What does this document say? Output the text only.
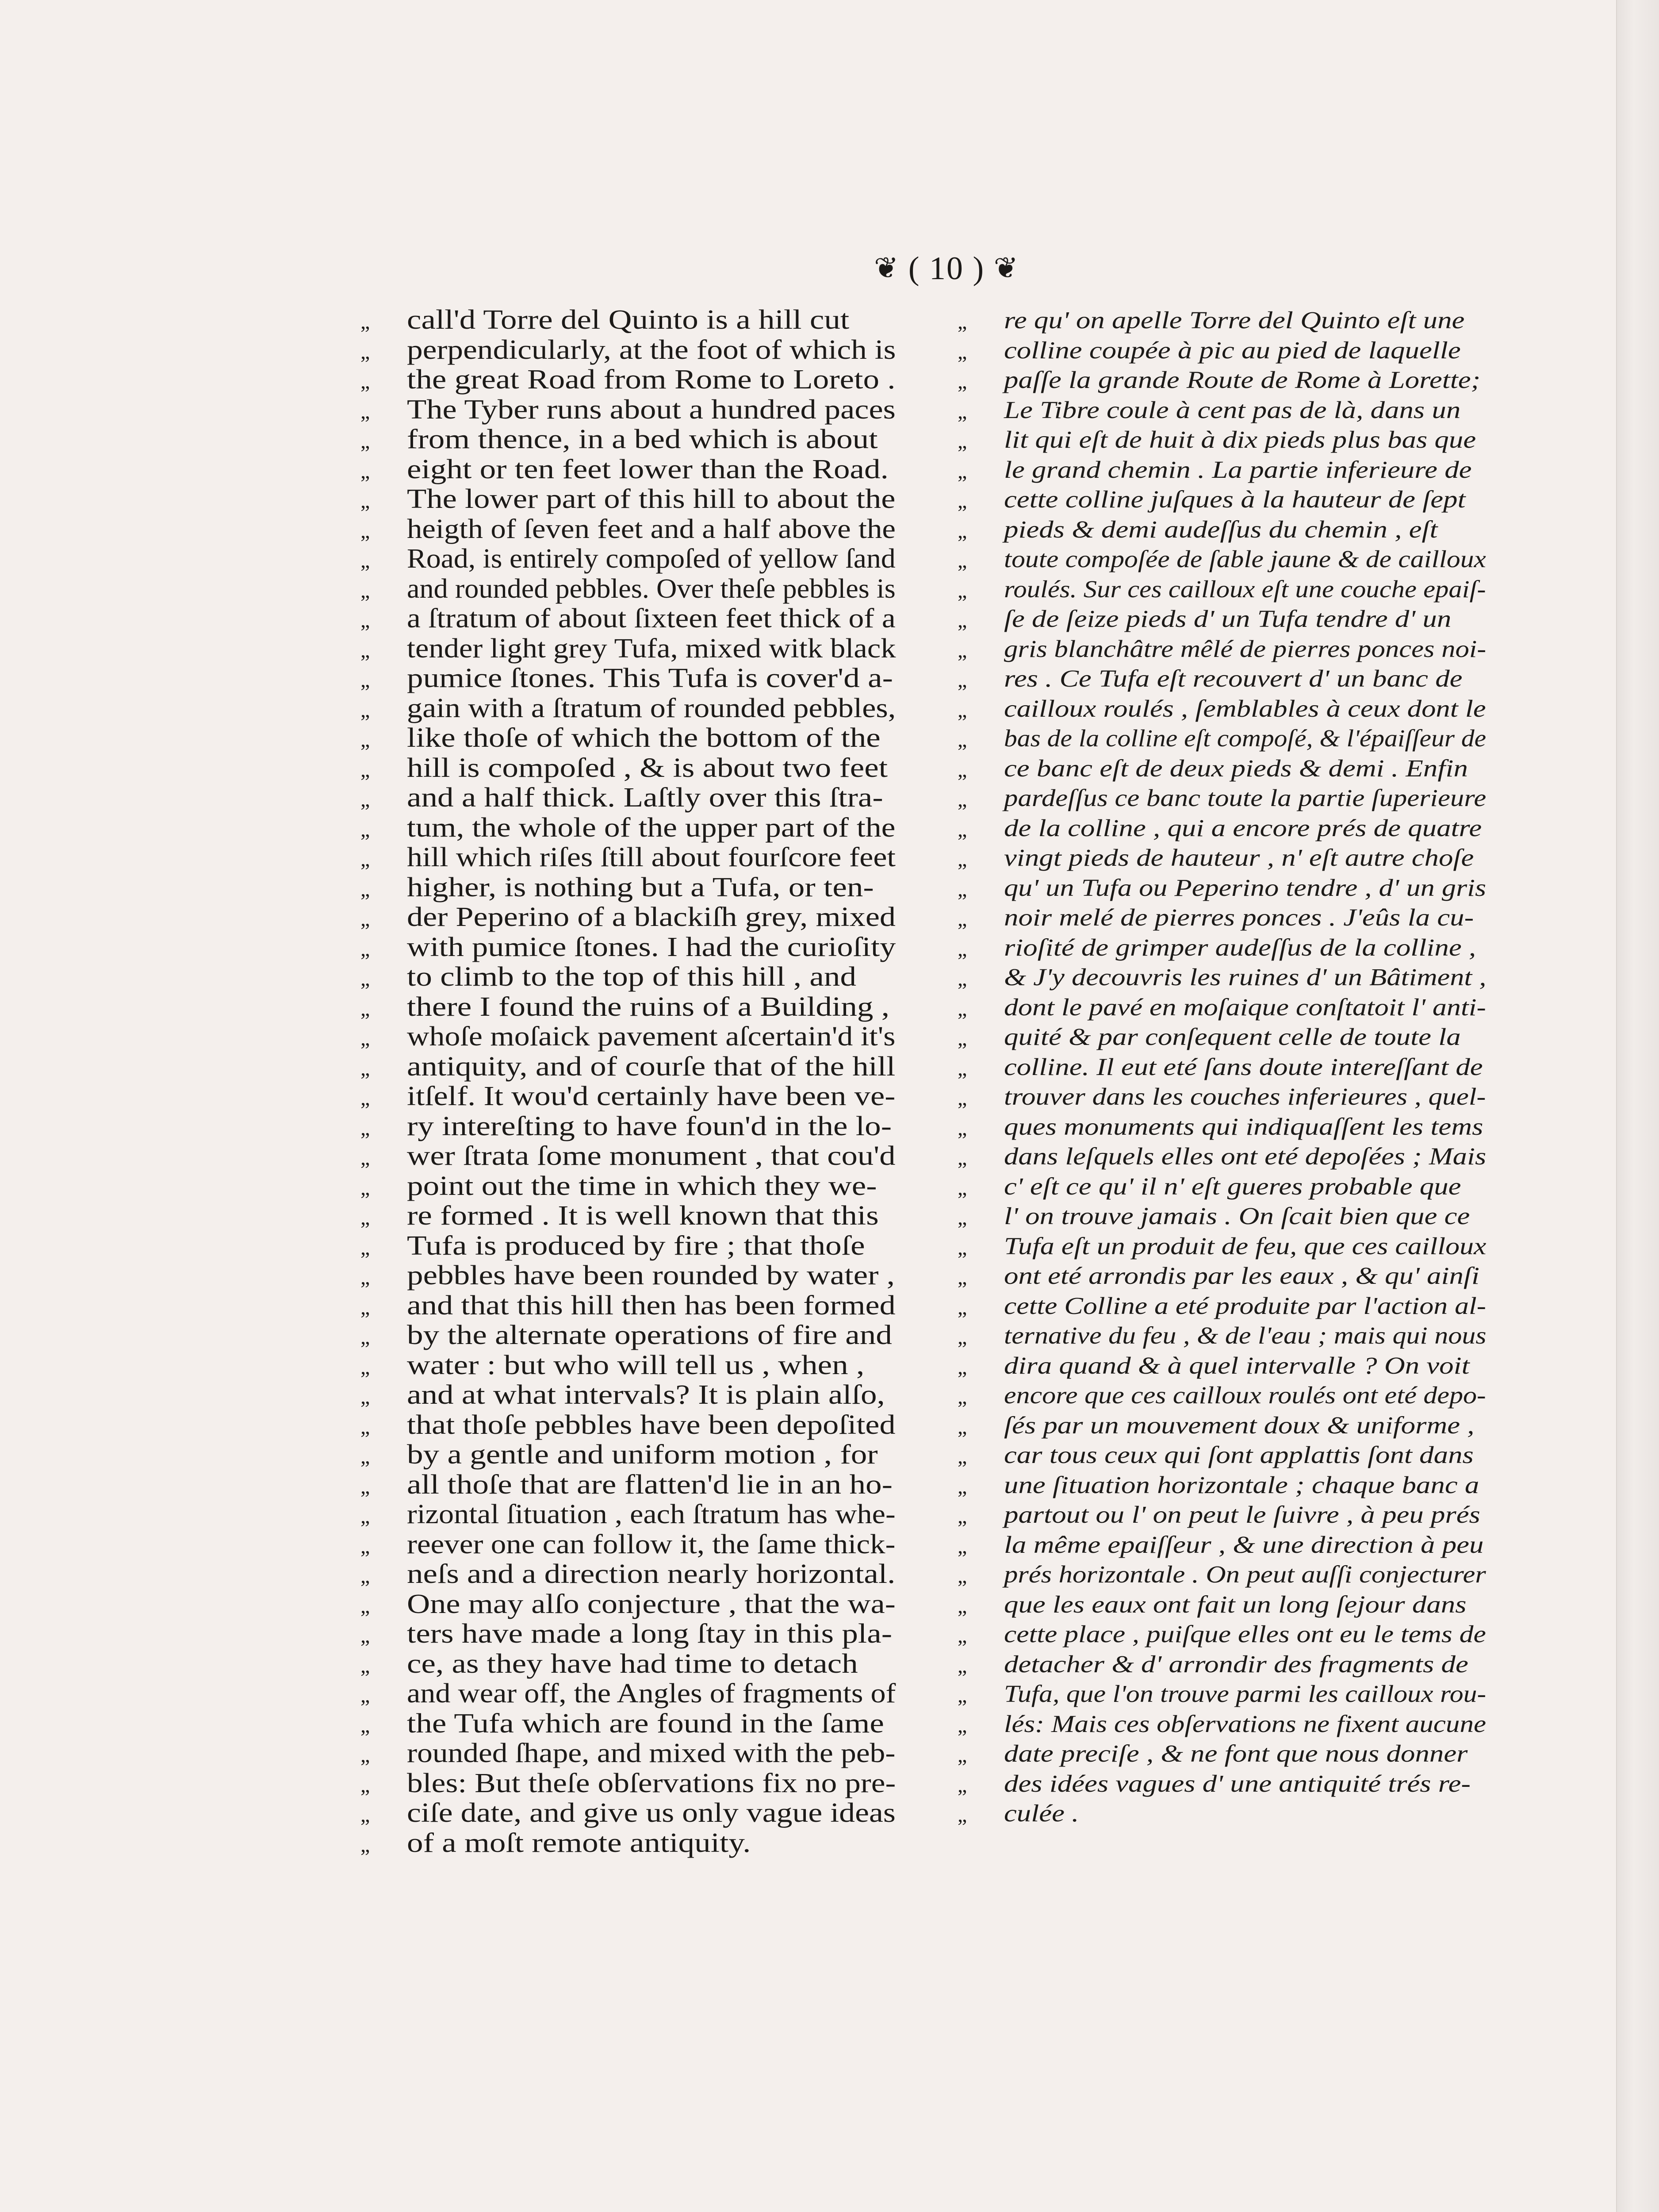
❦ ( 10 ) ❦
„ call'd Torre del Quinto is a hill cut
„ perpendicularly, at the foot of which is
„ the great Road from Rome to Loreto .
„ The Tyber runs about a hundred paces
„ from thence, in a bed which is about
„ eight or ten feet lower than the Road.
„ The lower part of this hill to about the
„ heigth of ſeven feet and a half above the
„ Road, is entirely compoſed of yellow ſand
„ and rounded pebbles. Over theſe pebbles is
„ a ſtratum of about ſixteen feet thick of a
„ tender light grey Tufa, mixed witk black
„ pumice ſtones. This Tufa is cover'd a-
„ gain with a ſtratum of rounded pebbles,
„ like thoſe of which the bottom of the
„ hill is compoſed , & is about two feet
„ and a half thick. Laſtly over this ſtra-
„ tum, the whole of the upper part of the
„ hill which riſes ſtill about fourſcore feet
„ higher, is nothing but a Tufa, or ten-
„ der Peperino of a blackiſh grey, mixed
„ with pumice ſtones. I had the curioſity
„ to climb to the top of this hill , and
„ there I found the ruins of a Building ,
„ whoſe moſaick pavement aſcertain'd it's
„ antiquity, and of courſe that of the hill
„ itſelf. It wou'd certainly have been ve-
„ ry intereſting to have foun'd in the lo-
„ wer ſtrata ſome monument , that cou'd
„ point out the time in which they we-
„ re formed . It is well known that this
„ Tufa is produced by fire ; that thoſe
„ pebbles have been rounded by water ,
„ and that this hill then has been formed
„ by the alternate operations of fire and
„ water : but who will tell us , when ,
„ and at what intervals? It is plain alſo,
„ that thoſe pebbles have been depoſited
„ by a gentle and uniform motion , for
„ all thoſe that are flatten'd lie in an ho-
„ rizontal ſituation , each ſtratum has whe-
„ reever one can follow it, the ſame thick-
„ neſs and a direction nearly horizontal.
„ One may alſo conjecture , that the wa-
„ ters have made a long ſtay in this pla-
„ ce, as they have had time to detach
„ and wear off, the Angles of fragments of
„ the Tufa which are found in the ſame
„ rounded ſhape, and mixed with the peb-
„ bles: But theſe obſervations fix no pre-
„ ciſe date, and give us only vague ideas
„ of a moſt remote antiquity.
„ re qu' on apelle Torre del Quinto eſt une
„ colline coupée à pic au pied de laquelle
„ paſſe la grande Route de Rome à Lorette;
„ Le Tibre coule à cent pas de là, dans un
„ lit qui eſt de huit à dix pieds plus bas que
„ le grand chemin . La partie inferieure de
„ cette colline juſques à la hauteur de ſept
„ pieds & demi audeſſus du chemin , eſt
„ toute compoſée de ſable jaune & de cailloux
„ roulés. Sur ces cailloux eſt une couche epaiſ-
„ ſe de ſeize pieds d' un Tufa tendre d' un
„ gris blanchâtre mêlé de pierres ponces noi-
„ res . Ce Tufa eſt recouvert d' un banc de
„ cailloux roulés , ſemblables à ceux dont le
„ bas de la colline eſt compoſé, & l'épaiſſeur de
„ ce banc eſt de deux pieds & demi . Enfin
„ pardeſſus ce banc toute la partie ſuperieure
„ de la colline , qui a encore prés de quatre
„ vingt pieds de hauteur , n' eſt autre choſe
„ qu' un Tufa ou Peperino tendre , d' un gris
„ noir melé de pierres ponces . J'eûs la cu-
„ rioſité de grimper audeſſus de la colline ,
„ & J'y decouvris les ruines d' un Bâtiment ,
„ dont le pavé en moſaique conſtatoit l' anti-
„ quité & par conſequent celle de toute la
„ colline. Il eut eté ſans doute intereſſant de
„ trouver dans les couches inferieures , quel-
„ ques monuments qui indiquaſſent les tems
„ dans leſquels elles ont eté depoſées ; Mais
„ c' eſt ce qu' il n' eſt gueres probable que
„ l' on trouve jamais . On ſcait bien que ce
„ Tufa eſt un produit de feu, que ces cailloux
„ ont eté arrondis par les eaux , & qu' ainſi
„ cette Colline a eté produite par l'action al-
„ ternative du feu , & de l'eau ; mais qui nous
„ dira quand & à quel intervalle ? On voit
„ encore que ces cailloux roulés ont eté depo-
„ ſés par un mouvement doux & uniforme ,
„ car tous ceux qui ſont applattis ſont dans
„ une ſituation horizontale ; chaque banc a
„ partout ou l' on peut le ſuivre , à peu prés
„ la même epaiſſeur , & une direction à peu
„ prés horizontale . On peut auſſi conjecturer
„ que les eaux ont fait un long ſejour dans
„ cette place , puiſque elles ont eu le tems de
„ detacher & d' arrondir des fragments de
„ Tufa, que l'on trouve parmi les cailloux rou-
„ lés: Mais ces obſervations ne fixent aucune
„ date preciſe , & ne font que nous donner
„ des idées vagues d' une antiquité trés re-
„ culée .
